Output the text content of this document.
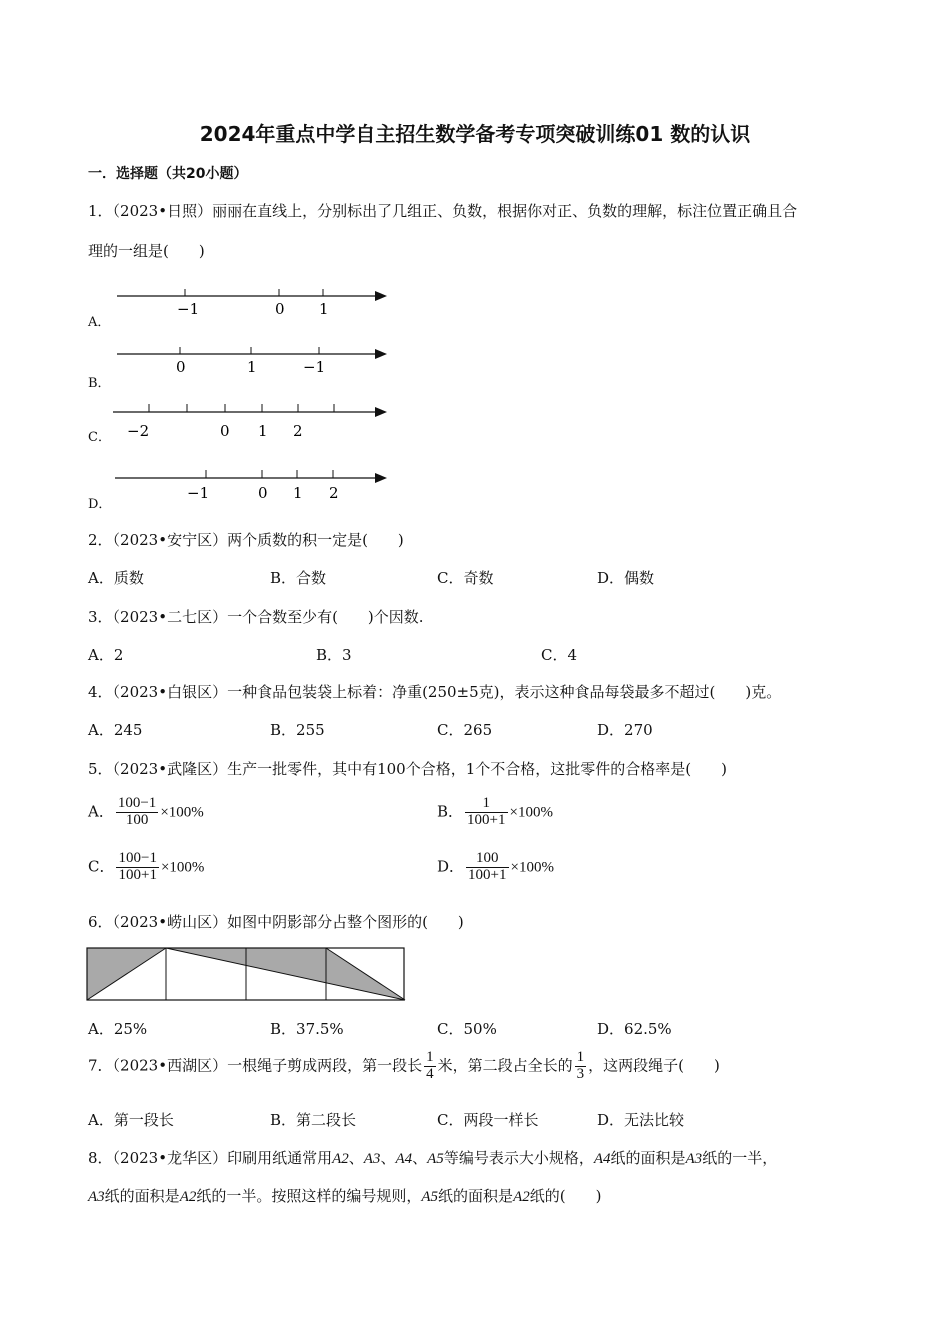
2024年重点中学自主招生数学备考专项突破训练01 数的认识
一．选择题（共20小题）
1．（2023•日照）丽丽在直线上，分别标出了几组正、负数，根据你对正、负数的理解，标注位置正确且合
理的一组是(　　)
A．
−1	0 1
B．
0	1	−1
C． −2	0 1 2
D．
−1	0 1 2
2．（2023•安宁区）两个质数的积一定是(　　)
A．质数	B．合数	C．奇数	D．偶数
3．（2023•二七区）一个合数至少有(　　)个因数.
A．2	B．3	C．4
4．（2023•白银区）一种食品包装袋上标着：净重(250±5克)，表示这种食品每袋最多不超过(　　)克。
A．245	B．255	C．265	D．270
5．（2023•武隆区）生产一批零件，其中有100个合格，1个不合格，这批零件的合格率是(　　)
A． $\frac{100-1}{100} \times 100\%$	B． $\frac{1}{100+1} \times 100\%$
C． $\frac{100-1}{100+1} \times 100\%$	D． $\frac{100}{100+1} \times 100\%$
6．（2023•崂山区）如图中阴影部分占整个图形的(　　)
A．25%	B．37.5%	C．50%	D．62.5%
7．（2023•西湖区）一根绳子剪成两段，第一段长 $\frac{1}{4}$ 米，第二段占全长的 $\frac{1}{3}$ ，这两段绳子(　　)
A．第一段长	B．第二段长	C．两段一样长	D．无法比较
8．（2023•龙华区）印刷用纸通常用A2、A3、A4、A5等编号表示大小规格，A4纸的面积是A3纸的一半，
A3纸的面积是A2纸的一半。按照这样的编号规则，A5纸的面积是A2纸的(　　)
